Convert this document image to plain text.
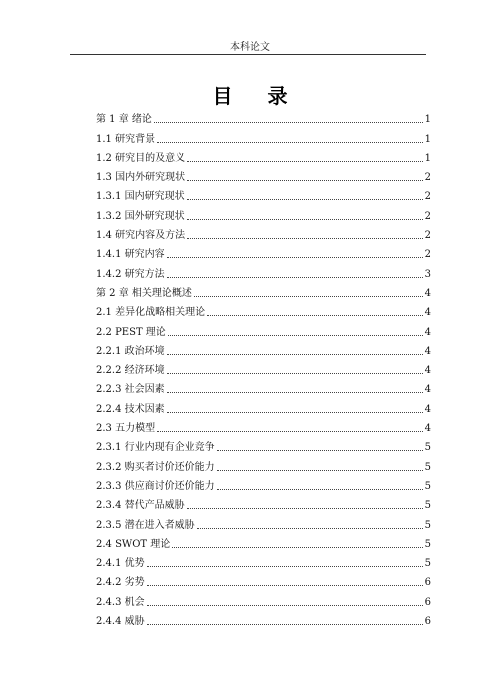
本科论文
目 录
第 1 章 绪论	1
1.1 研究背景	1
1.2 研究目的及意义	1
1.3 国内外研究现状	2
1.3.1 国内研究现状	2
1.3.2 国外研究现状	2
1.4 研究内容及方法	2
1.4.1 研究内容	2
1.4.2 研究方法	3
第 2 章 相关理论概述	4
2.1 差异化战略相关理论	4
2.2 PEST 理论	4
2.2.1 政治环境	4
2.2.2 经济环境	4
2.2.3 社会因素	4
2.2.4 技术因素	4
2.3 五力模型	4
2.3.1 行业内现有企业竞争	5
2.3.2 购买者讨价还价能力	5
2.3.3 供应商讨价还价能力	5
2.3.4 替代产品威胁	5
2.3.5 潜在进入者威胁	5
2.4 SWOT 理论	5
2.4.1 优势	5
2.4.2 劣势	6
2.4.3 机会	6
2.4.4 威胁	6
